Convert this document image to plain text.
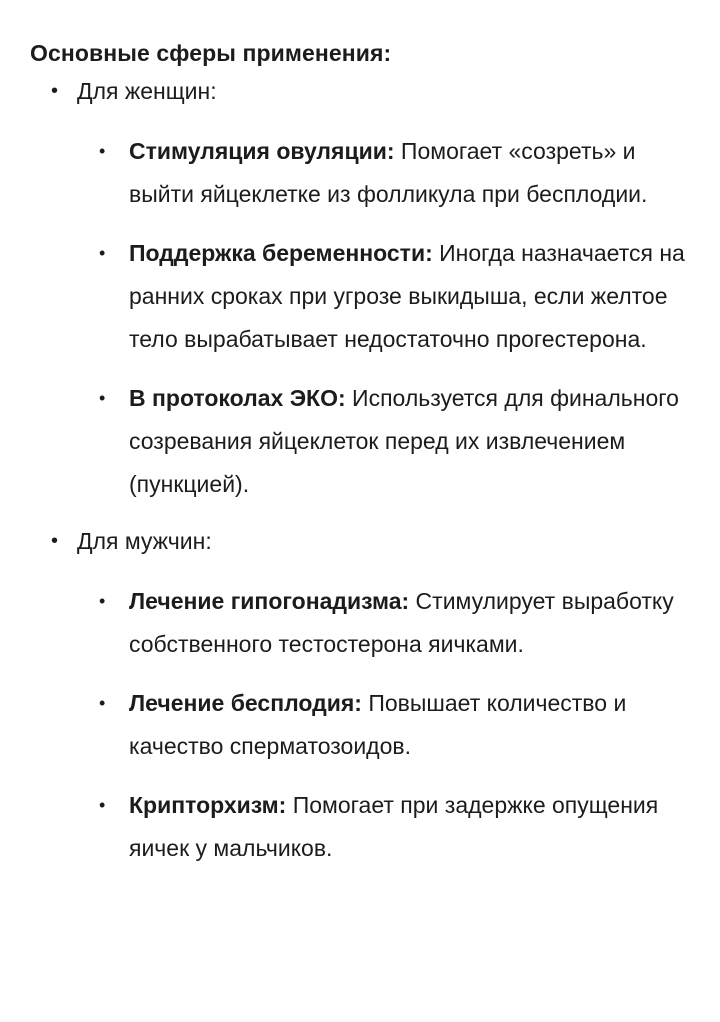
Основные сферы применения:
• Для женщин:
• Стимуляция овуляции: Помогает «созреть» и выйти яйцеклетке из фолликула при бесплодии.
• Поддержка беременности: Иногда назначается на ранних сроках при угрозе выкидыша, если желтое тело вырабатывает недостаточно прогестерона.
• В протоколах ЭКО: Используется для финального созревания яйцеклеток перед их извлечением (пункцией).
• Для мужчин:
• Лечение гипогонадизма: Стимулирует выработку собственного тестостерона яичками.
• Лечение бесплодия: Повышает количество и качество сперматозоидов.
• Крипторхизм: Помогает при задержке опущения яичек у мальчиков.
